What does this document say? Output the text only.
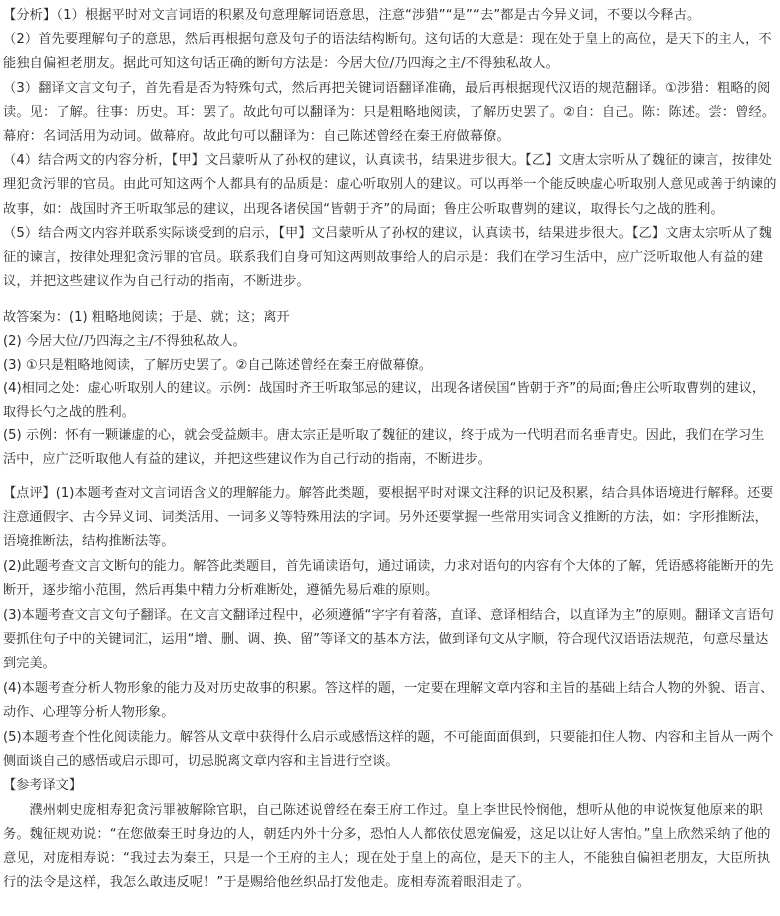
【分析】（1）根据平时对文言词语的积累及句意理解词语意思，注意“涉猎”“是”“去”都是古今异义词，不要以今释古。

（2）首先要理解句子的意思，然后再根据句意及句子的语法结构断句。这句话的大意是：现在处于皇上的高位，是天下的主人，不能独自偏袒老朋友。据此可知这句话正确的断句方法是：今居大位/乃四海之主/不得独私故人。

（3）翻译文言文句子，首先看是否为特殊句式，然后再把关键词语翻译准确，最后再根据现代汉语的规范翻译。①涉猎：粗略的阅读。见：了解。往事：历史。耳：罢了。故此句可以翻译为：只是粗略地阅读，了解历史罢了。②自：自己。陈：陈述。尝：曾经。幕府：名词活用为动词。做幕府。故此句可以翻译为：自己陈述曾经在秦王府做幕僚。

（4）结合两文的内容分析，【甲】文吕蒙听从了孙权的建议，认真读书，结果进步很大。【乙】文唐太宗听从了魏征的谏言，按律处理犯贪污罪的官员。由此可知这两个人都具有的品质是：虚心听取别人的建议。可以再举一个能反映虚心听取别人意见或善于纳谏的故事，如：战国时齐王听取邹忌的建议，出现各诸侯国“皆朝于齐”的局面；鲁庄公听取曹刿的建议，取得长勺之战的胜利。

（5）结合两文内容并联系实际谈受到的启示，【甲】文吕蒙听从了孙权的建议，认真读书，结果进步很大。【乙】文唐太宗听从了魏征的谏言，按律处理犯贪污罪的官员。联系我们自身可知这两则故事给人的启示是：我们在学习生活中，应广泛听取他人有益的建议，并把这些建议作为自己行动的指南，不断进步。

故答案为：(1) 粗略地阅读；于是、就；这；离开

(2) 今居大位/乃四海之主/不得独私故人。

(3) ①只是粗略地阅读，了解历史罢了。②自己陈述曾经在秦王府做幕僚。

(4)相同之处：虚心听取别人的建议。示例：战国时齐王听取邹忌的建议，出现各诸侯国“皆朝于齐”的局面;鲁庄公听取曹刿的建议，取得长勺之战的胜利。

(5) 示例：怀有一颗谦虚的心，就会受益颇丰。唐太宗正是听取了魏征的建议，终于成为一代明君而名垂青史。因此，我们在学习生活中，应广泛听取他人有益的建议，并把这些建议作为自己行动的指南，不断进步。

【点评】(1)本题考查对文言词语含义的理解能力。解答此类题，要根据平时对课文注释的识记及积累，结合具体语境进行解释。还要注意通假字、古今异义词、词类活用、一词多义等特殊用法的字词。另外还要掌握一些常用实词含义推断的方法，如：字形推断法，语境推断法，结构推断法等。

(2)此题考查文言文断句的能力。解答此类题目，首先诵读语句，通过诵读，力求对语句的内容有个大体的了解，凭语感将能断开的先断开，逐步缩小范围，然后再集中精力分析难断处，遵循先易后难的原则。

(3)本题考查文言文句子翻译。在文言文翻译过程中，必须遵循“字字有着落，直译、意译相结合，以直译为主”的原则。翻译文言语句要抓住句子中的关键词汇，运用“增、删、调、换、留”等译文的基本方法，做到译句文从字顺，符合现代汉语语法规范，句意尽量达到完美。

(4)本题考查分析人物形象的能力及对历史故事的积累。答这样的题，一定要在理解文章内容和主旨的基础上结合人物的外貌、语言、动作、心理等分析人物形象。

(5)本题考查个性化阅读能力。解答从文章中获得什么启示或感悟这样的题，不可能面面俱到，只要能扣住人物、内容和主旨从一两个侧面谈自己的感悟或启示即可，切忌脱离文章内容和主旨进行空谈。

【参考译文】

濮州刺史庞相寿犯贪污罪被解除官职，自己陈述说曾经在秦王府工作过。皇上李世民怜悯他，想听从他的申说恢复他原来的职务。魏征规劝说：“在您做秦王时身边的人，朝廷内外十分多，恐怕人人都依仗恩宠偏爱，这足以让好人害怕。”皇上欣然采纳了他的意见，对庞相寿说：“我过去为秦王，只是一个王府的主人；现在处于皇上的高位，是天下的主人，不能独自偏袒老朋友，大臣所执行的法令是这样，我怎么敢违反呢！”于是赐给他丝织品打发他走。庞相寿流着眼泪走了。
